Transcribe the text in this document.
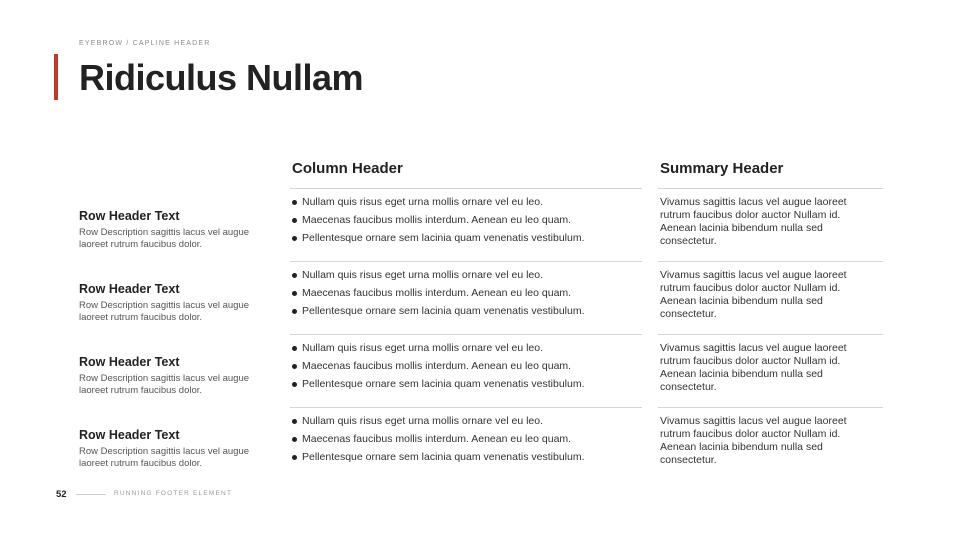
EYEBROW / CAPLINE HEADER
Ridiculus Nullam
Column Header	Summary Header
Row Header Text
Row Description sagittis lacus vel augue laoreet rutrum faucibus dolor.
Nullam quis risus eget urna mollis ornare vel eu leo.
Maecenas faucibus mollis interdum. Aenean eu leo quam.
Pellentesque ornare sem lacinia quam venenatis vestibulum.
Vivamus sagittis lacus vel augue laoreet rutrum faucibus dolor auctor Nullam id. Aenean lacinia bibendum nulla sed consectetur.
Row Header Text
Row Description sagittis lacus vel augue laoreet rutrum faucibus dolor.
Nullam quis risus eget urna mollis ornare vel eu leo.
Maecenas faucibus mollis interdum. Aenean eu leo quam.
Pellentesque ornare sem lacinia quam venenatis vestibulum.
Vivamus sagittis lacus vel augue laoreet rutrum faucibus dolor auctor Nullam id. Aenean lacinia bibendum nulla sed consectetur.
Row Header Text
Row Description sagittis lacus vel augue laoreet rutrum faucibus dolor.
Nullam quis risus eget urna mollis ornare vel eu leo.
Maecenas faucibus mollis interdum. Aenean eu leo quam.
Pellentesque ornare sem lacinia quam venenatis vestibulum.
Vivamus sagittis lacus vel augue laoreet rutrum faucibus dolor auctor Nullam id. Aenean lacinia bibendum nulla sed consectetur.
Row Header Text
Row Description sagittis lacus vel augue laoreet rutrum faucibus dolor.
Nullam quis risus eget urna mollis ornare vel eu leo.
Maecenas faucibus mollis interdum. Aenean eu leo quam.
Pellentesque ornare sem lacinia quam venenatis vestibulum.
Vivamus sagittis lacus vel augue laoreet rutrum faucibus dolor auctor Nullam id. Aenean lacinia bibendum nulla sed consectetur.
52	RUNNING FOOTER ELEMENT
